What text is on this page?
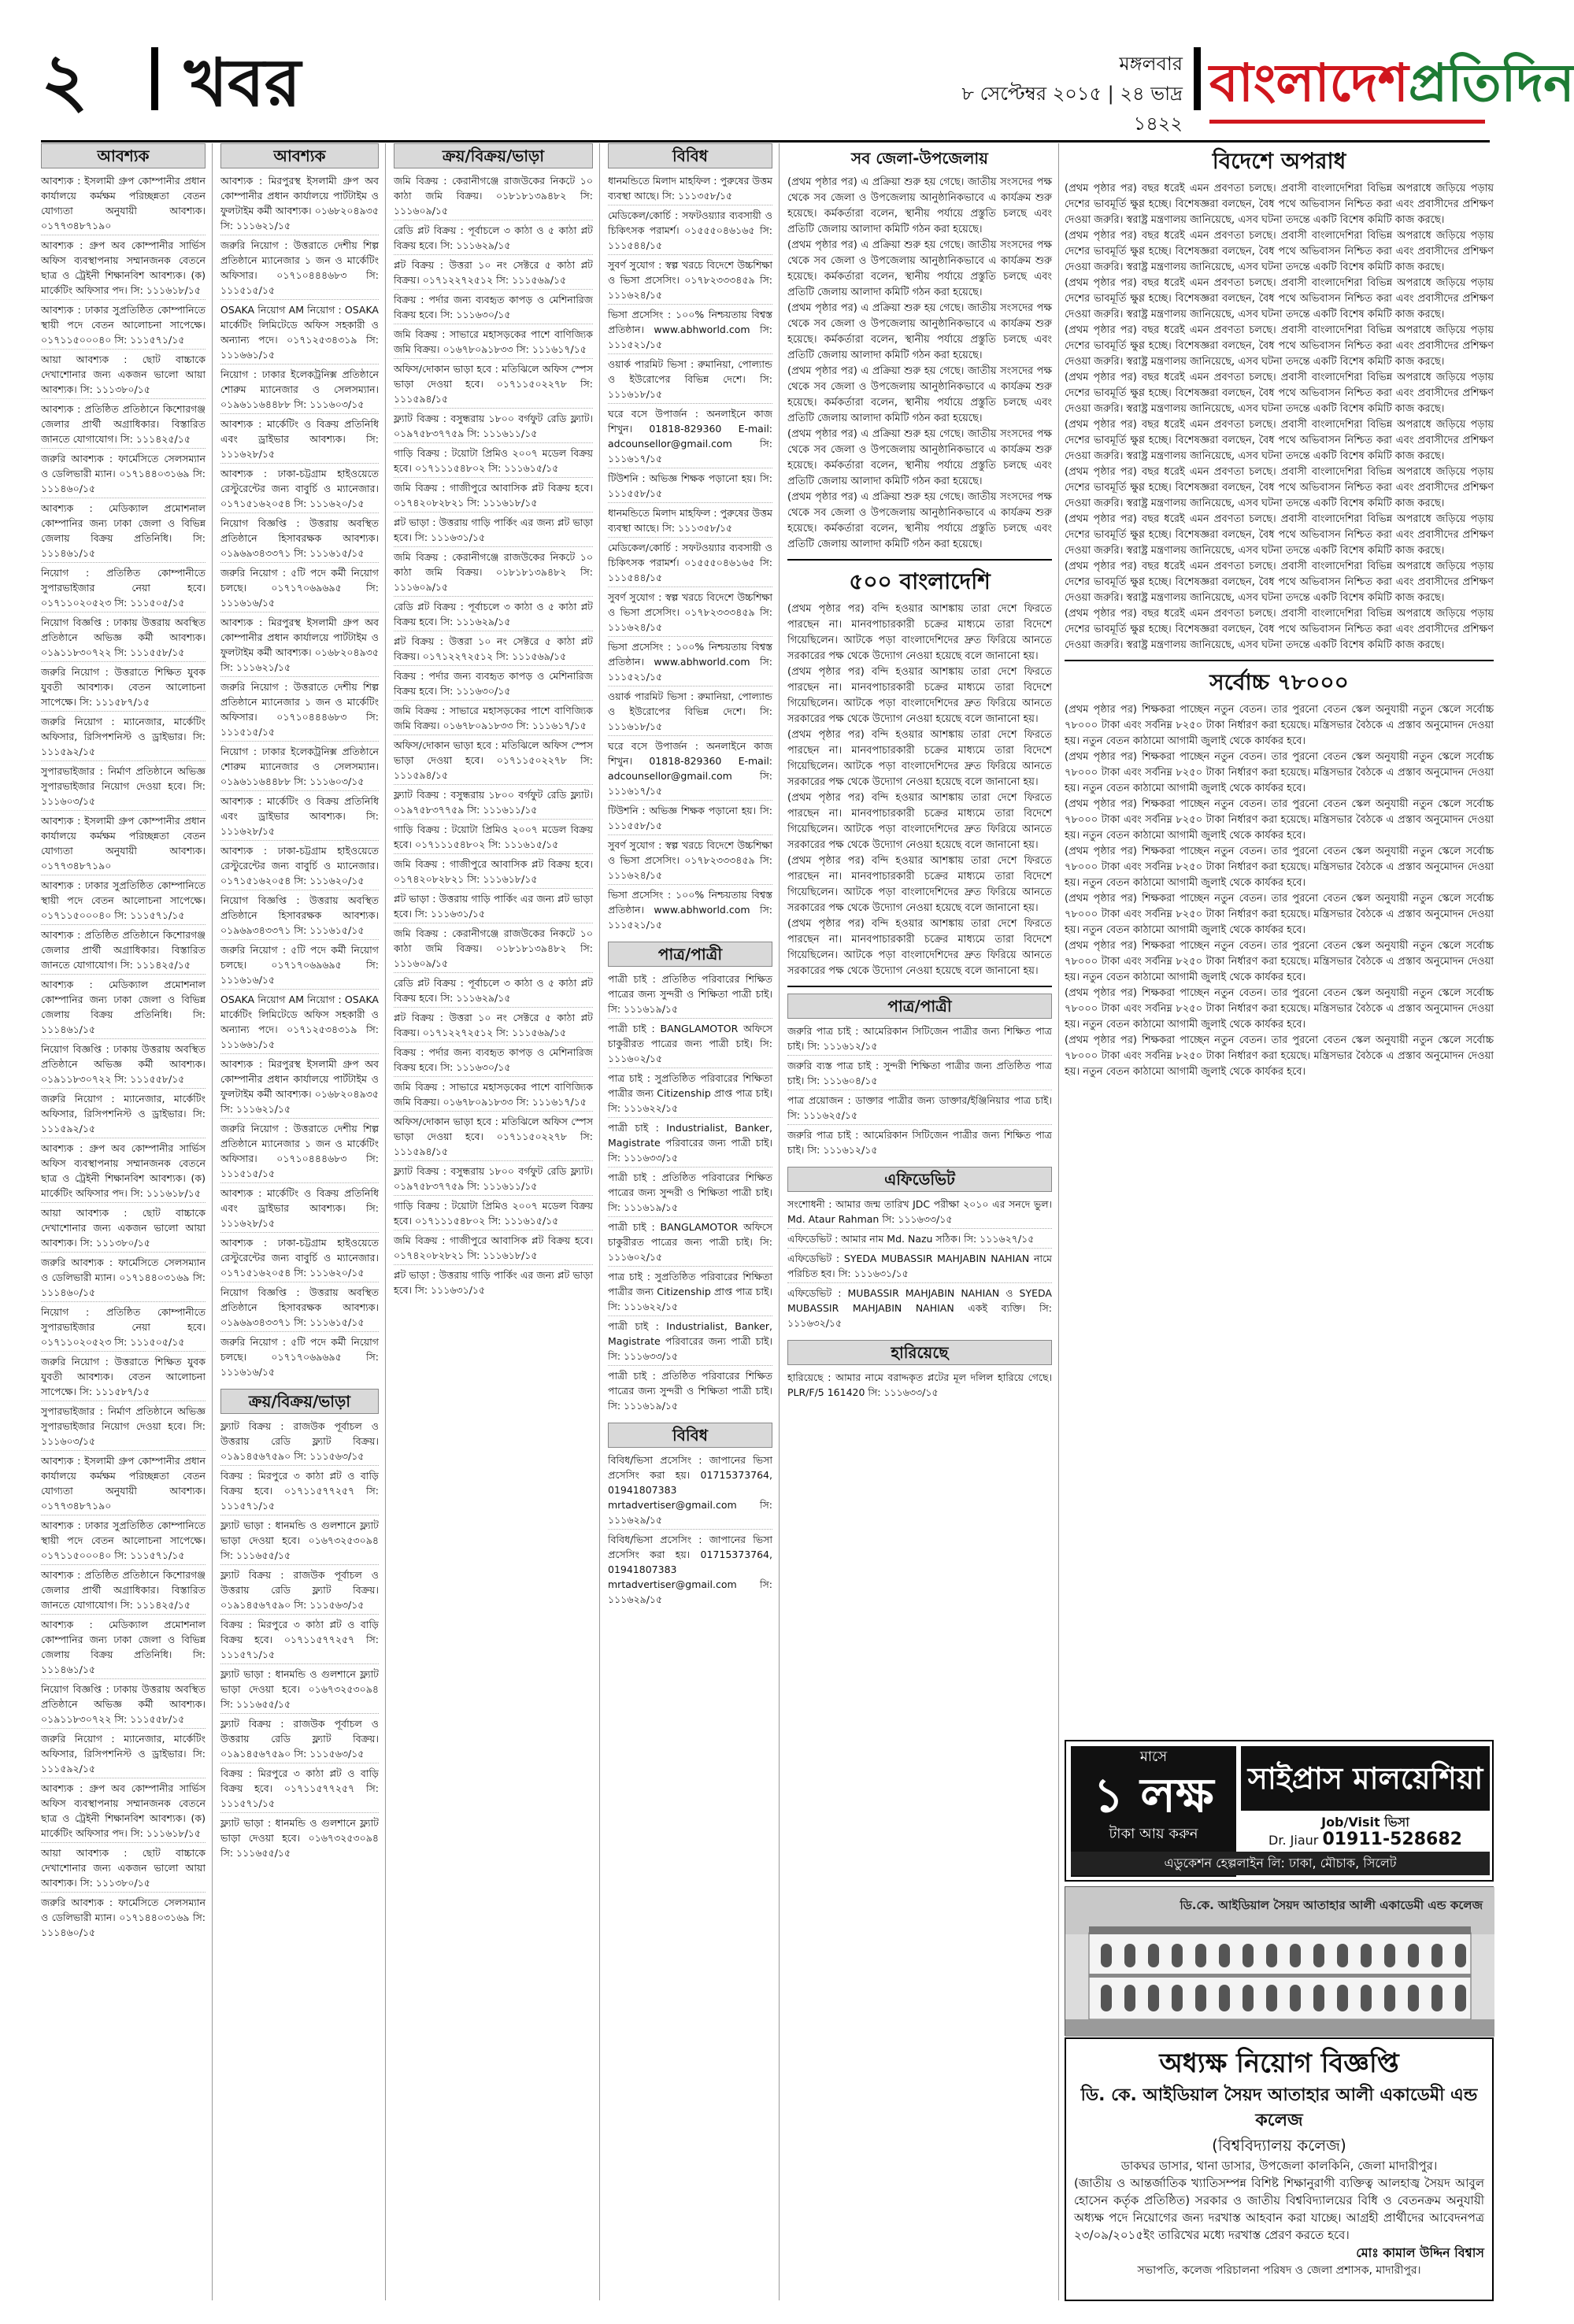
২ খবর	মঙ্গলবার
৮ সেপ্টেম্বর ২০১৫ | ২৪ ভাদ্র ১৪২২
বাংলাদেশপ্রতিদিন
আবশ্যক
আবশ্যক : ইসলামী গ্রুপ কোম্পানীর প্রধান কার্যালয়ে কর্মক্ষম পরিচ্ছন্নতা বেতন যোগ্যতা অনুযায়ী আবশ্যক। ০১৭৭৩৪৮৭১৯০
আবশ্যক : গ্রুপ অব কোম্পানীর সার্ভিস অফিস ব্যবস্থাপনায় সম্মানজনক বেতনে ছাত্র ও ট্রেইনী শিক্ষানবিশ আবশ্যক। (ক) মার্কেটিং অফিসার পদ। সি: ১১১৬১৮/১৫
আবশ্যক : ঢাকার সুপ্রতিষ্ঠিত কোম্পানিতে স্থায়ী পদে বেতন আলোচনা সাপেক্ষে। ০১৭১১৫০০০৪০ সি: ১১১৫৭১/১৫
আয়া আবশ্যক : ছোট বাচ্চাকে দেখাশোনার জন্য একজন ভালো আয়া আবশ্যক। সি: ১১১৩৮০/১৫
আবশ্যক : প্রতিষ্ঠিত প্রতিষ্ঠানে কিশোরগঞ্জ জেলার প্রার্থী অগ্রাধিকার। বিস্তারিত জানতে যোগাযোগ। সি: ১১১৪২৫/১৫
জরুরি আবশ্যক : ফার্মেসিতে সেলসম্যান ও ডেলিভারী ম্যান। ০১৭১৪৪০৩১৬৯ সি: ১১১৪৬০/১৫
আবশ্যক : মেডিক্যাল প্রমোশনাল কোম্পানির জন্য ঢাকা জেলা ও বিভিন্ন জেলায় বিক্রয় প্রতিনিধি। সি: ১১১৪৬১/১৫
নিয়োগ : প্রতিষ্ঠিত কোম্পানীতে সুপারভাইজার নেয়া হবে। ০১৭১১০২০৫২৩ সি: ১১১৫০৫/১৫
নিয়োগ বিজ্ঞপ্তি : ঢাকায় উত্তরায় অবস্থিত প্রতিষ্ঠানে অভিজ্ঞ কর্মী আবশ্যক। ০১৯১১৮৩০৭২২ সি: ১১১৫৫৮/১৫
জরুরি নিয়োগ : উত্তরাতে শিক্ষিত যুবক যুবতী আবশ্যক। বেতন আলোচনা সাপেক্ষে। সি: ১১১৫৮৭/১৫
জরুরি নিয়োগ : ম্যানেজার, মার্কেটিং অফিসার, রিসিপশনিস্ট ও ড্রাইভার। সি: ১১১৫৯২/১৫
সুপারভাইজার : নির্মাণ প্রতিষ্ঠানে অভিজ্ঞ সুপারভাইজার নিয়োগ দেওয়া হবে। সি: ১১১৬০৩/১৫
আবশ্যক : ইসলামী গ্রুপ কোম্পানীর প্রধান কার্যালয়ে কর্মক্ষম পরিচ্ছন্নতা বেতন যোগ্যতা অনুযায়ী আবশ্যক। ০১৭৭৩৪৮৭১৯০
আবশ্যক : ঢাকার সুপ্রতিষ্ঠিত কোম্পানিতে স্থায়ী পদে বেতন আলোচনা সাপেক্ষে। ০১৭১১৫০০০৪০ সি: ১১১৫৭১/১৫
আবশ্যক : প্রতিষ্ঠিত প্রতিষ্ঠানে কিশোরগঞ্জ জেলার প্রার্থী অগ্রাধিকার। বিস্তারিত জানতে যোগাযোগ। সি: ১১১৪২৫/১৫
আবশ্যক : মেডিক্যাল প্রমোশনাল কোম্পানির জন্য ঢাকা জেলা ও বিভিন্ন জেলায় বিক্রয় প্রতিনিধি। সি: ১১১৪৬১/১৫
নিয়োগ বিজ্ঞপ্তি : ঢাকায় উত্তরায় অবস্থিত প্রতিষ্ঠানে অভিজ্ঞ কর্মী আবশ্যক। ০১৯১১৮৩০৭২২ সি: ১১১৫৫৮/১৫
জরুরি নিয়োগ : ম্যানেজার, মার্কেটিং অফিসার, রিসিপশনিস্ট ও ড্রাইভার। সি: ১১১৫৯২/১৫
আবশ্যক : গ্রুপ অব কোম্পানীর সার্ভিস অফিস ব্যবস্থাপনায় সম্মানজনক বেতনে ছাত্র ও ট্রেইনী শিক্ষানবিশ আবশ্যক। (ক) মার্কেটিং অফিসার পদ। সি: ১১১৬১৮/১৫
আয়া আবশ্যক : ছোট বাচ্চাকে দেখাশোনার জন্য একজন ভালো আয়া আবশ্যক। সি: ১১১৩৮০/১৫
জরুরি আবশ্যক : ফার্মেসিতে সেলসম্যান ও ডেলিভারী ম্যান। ০১৭১৪৪০৩১৬৯ সি: ১১১৪৬০/১৫
নিয়োগ : প্রতিষ্ঠিত কোম্পানীতে সুপারভাইজার নেয়া হবে। ০১৭১১০২০৫২৩ সি: ১১১৫০৫/১৫
জরুরি নিয়োগ : উত্তরাতে শিক্ষিত যুবক যুবতী আবশ্যক। বেতন আলোচনা সাপেক্ষে। সি: ১১১৫৮৭/১৫
সুপারভাইজার : নির্মাণ প্রতিষ্ঠানে অভিজ্ঞ সুপারভাইজার নিয়োগ দেওয়া হবে। সি: ১১১৬০৩/১৫
আবশ্যক : ইসলামী গ্রুপ কোম্পানীর প্রধান কার্যালয়ে কর্মক্ষম পরিচ্ছন্নতা বেতন যোগ্যতা অনুযায়ী আবশ্যক। ০১৭৭৩৪৮৭১৯০
আবশ্যক : ঢাকার সুপ্রতিষ্ঠিত কোম্পানিতে স্থায়ী পদে বেতন আলোচনা সাপেক্ষে। ০১৭১১৫০০০৪০ সি: ১১১৫৭১/১৫
আবশ্যক : প্রতিষ্ঠিত প্রতিষ্ঠানে কিশোরগঞ্জ জেলার প্রার্থী অগ্রাধিকার। বিস্তারিত জানতে যোগাযোগ। সি: ১১১৪২৫/১৫
আবশ্যক : মেডিক্যাল প্রমোশনাল কোম্পানির জন্য ঢাকা জেলা ও বিভিন্ন জেলায় বিক্রয় প্রতিনিধি। সি: ১১১৪৬১/১৫
নিয়োগ বিজ্ঞপ্তি : ঢাকায় উত্তরায় অবস্থিত প্রতিষ্ঠানে অভিজ্ঞ কর্মী আবশ্যক। ০১৯১১৮৩০৭২২ সি: ১১১৫৫৮/১৫
জরুরি নিয়োগ : ম্যানেজার, মার্কেটিং অফিসার, রিসিপশনিস্ট ও ড্রাইভার। সি: ১১১৫৯২/১৫
আবশ্যক : গ্রুপ অব কোম্পানীর সার্ভিস অফিস ব্যবস্থাপনায় সম্মানজনক বেতনে ছাত্র ও ট্রেইনী শিক্ষানবিশ আবশ্যক। (ক) মার্কেটিং অফিসার পদ। সি: ১১১৬১৮/১৫
আয়া আবশ্যক : ছোট বাচ্চাকে দেখাশোনার জন্য একজন ভালো আয়া আবশ্যক। সি: ১১১৩৮০/১৫
জরুরি আবশ্যক : ফার্মেসিতে সেলসম্যান ও ডেলিভারী ম্যান। ০১৭১৪৪০৩১৬৯ সি: ১১১৪৬০/১৫
আবশ্যক
আবশ্যক : মিরপুরস্থ ইসলামী গ্রুপ অব কোম্পানীর প্রধান কার্যালয়ে পার্টটাইম ও ফুলটাইম কর্মী আবশ্যক। ০১৬৮২০৪৯৩৫ সি: ১১১৬২১/১৫
জরুরি নিয়োগ : উত্তরাতে দেশীয় শিল্প প্রতিষ্ঠানে ম্যানেজার ১ জন ও মার্কেটিং অফিসার। ০১৭১০৪৪৪৬৮৩ সি: ১১১৫১৫/১৫
OSAKA নিয়োগ AM নিয়োগ : OSAKA মার্কেটিং লিমিটেডে অফিস সহকারী ও অন্যান্য পদে। ০১৭১২৫৩৪৩১৯ সি: ১১১৬৬১/১৫
নিয়োগ : ঢাকার ইলেকট্রনিক্স প্রতিষ্ঠানে শোরুম ম্যানেজার ও সেলসম্যান। ০১৯৬১১৬৪৪৮৮ সি: ১১১৬০৩/১৫
আবশ্যক : মার্কেটিং ও বিক্রয় প্রতিনিধি এবং ড্রাইভার আবশ্যক। সি: ১১১৬২৮/১৫
আবশ্যক : ঢাকা-চট্টগ্রাম হাইওয়েতে রেস্টুরেন্টের জন্য বাবুর্চি ও ম্যানেজার। ০১৭১৫১৬২০৫৪ সি: ১১১৬২০/১৫
নিয়োগ বিজ্ঞপ্তি : উত্তরায় অবস্থিত প্রতিষ্ঠানে হিসাবরক্ষক আবশ্যক। ০১৯৬৯৩৪৩৩৭১ সি: ১১১৬১৫/১৫
জরুরি নিয়োগ : ৫টি পদে কর্মী নিয়োগ চলছে। ০১৭১৭০৬৯৬৯৫ সি: ১১১৬১৬/১৫
আবশ্যক : মিরপুরস্থ ইসলামী গ্রুপ অব কোম্পানীর প্রধান কার্যালয়ে পার্টটাইম ও ফুলটাইম কর্মী আবশ্যক। ০১৬৮২০৪৯৩৫ সি: ১১১৬২১/১৫
জরুরি নিয়োগ : উত্তরাতে দেশীয় শিল্প প্রতিষ্ঠানে ম্যানেজার ১ জন ও মার্কেটিং অফিসার। ০১৭১০৪৪৪৬৮৩ সি: ১১১৫১৫/১৫
নিয়োগ : ঢাকার ইলেকট্রনিক্স প্রতিষ্ঠানে শোরুম ম্যানেজার ও সেলসম্যান। ০১৯৬১১৬৪৪৮৮ সি: ১১১৬০৩/১৫
আবশ্যক : মার্কেটিং ও বিক্রয় প্রতিনিধি এবং ড্রাইভার আবশ্যক। সি: ১১১৬২৮/১৫
আবশ্যক : ঢাকা-চট্টগ্রাম হাইওয়েতে রেস্টুরেন্টের জন্য বাবুর্চি ও ম্যানেজার। ০১৭১৫১৬২০৫৪ সি: ১১১৬২০/১৫
নিয়োগ বিজ্ঞপ্তি : উত্তরায় অবস্থিত প্রতিষ্ঠানে হিসাবরক্ষক আবশ্যক। ০১৯৬৯৩৪৩৩৭১ সি: ১১১৬১৫/১৫
জরুরি নিয়োগ : ৫টি পদে কর্মী নিয়োগ চলছে। ০১৭১৭০৬৯৬৯৫ সি: ১১১৬১৬/১৫
OSAKA নিয়োগ AM নিয়োগ : OSAKA মার্কেটিং লিমিটেডে অফিস সহকারী ও অন্যান্য পদে। ০১৭১২৫৩৪৩১৯ সি: ১১১৬৬১/১৫
আবশ্যক : মিরপুরস্থ ইসলামী গ্রুপ অব কোম্পানীর প্রধান কার্যালয়ে পার্টটাইম ও ফুলটাইম কর্মী আবশ্যক। ০১৬৮২০৪৯৩৫ সি: ১১১৬২১/১৫
জরুরি নিয়োগ : উত্তরাতে দেশীয় শিল্প প্রতিষ্ঠানে ম্যানেজার ১ জন ও মার্কেটিং অফিসার। ০১৭১০৪৪৪৬৮৩ সি: ১১১৫১৫/১৫
আবশ্যক : মার্কেটিং ও বিক্রয় প্রতিনিধি এবং ড্রাইভার আবশ্যক। সি: ১১১৬২৮/১৫
আবশ্যক : ঢাকা-চট্টগ্রাম হাইওয়েতে রেস্টুরেন্টের জন্য বাবুর্চি ও ম্যানেজার। ০১৭১৫১৬২০৫৪ সি: ১১১৬২০/১৫
নিয়োগ বিজ্ঞপ্তি : উত্তরায় অবস্থিত প্রতিষ্ঠানে হিসাবরক্ষক আবশ্যক। ০১৯৬৯৩৪৩৩৭১ সি: ১১১৬১৫/১৫
জরুরি নিয়োগ : ৫টি পদে কর্মী নিয়োগ চলছে। ০১৭১৭০৬৯৬৯৫ সি: ১১১৬১৬/১৫
ক্রয়/বিক্রয়/ভাড়া
ফ্ল্যাট বিক্রয় : রাজউক পূর্বাচল ও উত্তরায় রেডি ফ্ল্যাট বিক্রয়। ০১৯১৪৫৬৭৫৯০ সি: ১১১৫৬৩/১৫
বিক্রয় : মিরপুরে ৩ কাঠা প্লট ও বাড়ি বিক্রয় হবে। ০১৭১১৫৭৭২৫৭ সি: ১১১৫৭১/১৫
ফ্ল্যাট ভাড়া : ধানমন্ডি ও গুলশানে ফ্ল্যাট ভাড়া দেওয়া হবে। ০১৬৭৩২৫৩০৯৪ সি: ১১১৬৫৫/১৫
ফ্ল্যাট বিক্রয় : রাজউক পূর্বাচল ও উত্তরায় রেডি ফ্ল্যাট বিক্রয়। ০১৯১৪৫৬৭৫৯০ সি: ১১১৫৬৩/১৫
বিক্রয় : মিরপুরে ৩ কাঠা প্লট ও বাড়ি বিক্রয় হবে। ০১৭১১৫৭৭২৫৭ সি: ১১১৫৭১/১৫
ফ্ল্যাট ভাড়া : ধানমন্ডি ও গুলশানে ফ্ল্যাট ভাড়া দেওয়া হবে। ০১৬৭৩২৫৩০৯৪ সি: ১১১৬৫৫/১৫
ফ্ল্যাট বিক্রয় : রাজউক পূর্বাচল ও উত্তরায় রেডি ফ্ল্যাট বিক্রয়। ০১৯১৪৫৬৭৫৯০ সি: ১১১৫৬৩/১৫
বিক্রয় : মিরপুরে ৩ কাঠা প্লট ও বাড়ি বিক্রয় হবে। ০১৭১১৫৭৭২৫৭ সি: ১১১৫৭১/১৫
ফ্ল্যাট ভাড়া : ধানমন্ডি ও গুলশানে ফ্ল্যাট ভাড়া দেওয়া হবে। ০১৬৭৩২৫৩০৯৪ সি: ১১১৬৫৫/১৫
ক্রয়/বিক্রয়/ভাড়া
জমি বিক্রয় : কেরানীগঞ্জে রাজউকের নিকটে ১০ কাঠা জমি বিক্রয়। ০১৮১৮১৩৯৪৮২ সি: ১১১৬০৯/১৫
রেডি প্লট বিক্রয় : পূর্বাচলে ৩ কাঠা ও ৫ কাঠা প্লট বিক্রয় হবে। সি: ১১১৬২৯/১৫
প্লট বিক্রয় : উত্তরা ১০ নং সেক্টরে ৫ কাঠা প্লট বিক্রয়। ০১৭১২২৭২৫১২ সি: ১১১৫৬৯/১৫
বিক্রয় : পর্দার জন্য ব্যবহৃত কাপড় ও মেশিনারিজ বিক্রয় হবে। সি: ১১১৬৩০/১৫
জমি বিক্রয় : সাভারে মহাসড়কের পাশে বাণিজ্যিক জমি বিক্রয়। ০১৬৭৮০৯১৮৩৩ সি: ১১১৬১৭/১৫
অফিস/দোকান ভাড়া হবে : মতিঝিলে অফিস স্পেস ভাড়া দেওয়া হবে। ০১৭১১৫০২২৭৮ সি: ১১১৫৯৪/১৫
ফ্ল্যাট বিক্রয় : বসুন্ধরায় ১৮০০ বর্গফুট রেডি ফ্ল্যাট। ০১৯৭৫৮৩৭৭৫৯ সি: ১১১৬১১/১৫
গাড়ি বিক্রয় : টয়োটা প্রিমিও ২০০৭ মডেল বিক্রয় হবে। ০১৭১১১৫৪৮০২ সি: ১১১৬১৫/১৫
জমি বিক্রয় : গাজীপুরে আবাসিক প্লট বিক্রয় হবে। ০১৭৪২০৮২৮২১ সি: ১১১৬১৮/১৫
প্লট ভাড়া : উত্তরায় গাড়ি পার্কিং এর জন্য প্লট ভাড়া হবে। সি: ১১১৬৩১/১৫
জমি বিক্রয় : কেরানীগঞ্জে রাজউকের নিকটে ১০ কাঠা জমি বিক্রয়। ০১৮১৮১৩৯৪৮২ সি: ১১১৬০৯/১৫
রেডি প্লট বিক্রয় : পূর্বাচলে ৩ কাঠা ও ৫ কাঠা প্লট বিক্রয় হবে। সি: ১১১৬২৯/১৫
প্লট বিক্রয় : উত্তরা ১০ নং সেক্টরে ৫ কাঠা প্লট বিক্রয়। ০১৭১২২৭২৫১২ সি: ১১১৫৬৯/১৫
বিক্রয় : পর্দার জন্য ব্যবহৃত কাপড় ও মেশিনারিজ বিক্রয় হবে। সি: ১১১৬৩০/১৫
জমি বিক্রয় : সাভারে মহাসড়কের পাশে বাণিজ্যিক জমি বিক্রয়। ০১৬৭৮০৯১৮৩৩ সি: ১১১৬১৭/১৫
অফিস/দোকান ভাড়া হবে : মতিঝিলে অফিস স্পেস ভাড়া দেওয়া হবে। ০১৭১১৫০২২৭৮ সি: ১১১৫৯৪/১৫
ফ্ল্যাট বিক্রয় : বসুন্ধরায় ১৮০০ বর্গফুট রেডি ফ্ল্যাট। ০১৯৭৫৮৩৭৭৫৯ সি: ১১১৬১১/১৫
গাড়ি বিক্রয় : টয়োটা প্রিমিও ২০০৭ মডেল বিক্রয় হবে। ০১৭১১১৫৪৮০২ সি: ১১১৬১৫/১৫
জমি বিক্রয় : গাজীপুরে আবাসিক প্লট বিক্রয় হবে। ০১৭৪২০৮২৮২১ সি: ১১১৬১৮/১৫
প্লট ভাড়া : উত্তরায় গাড়ি পার্কিং এর জন্য প্লট ভাড়া হবে। সি: ১১১৬৩১/১৫
জমি বিক্রয় : কেরানীগঞ্জে রাজউকের নিকটে ১০ কাঠা জমি বিক্রয়। ০১৮১৮১৩৯৪৮২ সি: ১১১৬০৯/১৫
রেডি প্লট বিক্রয় : পূর্বাচলে ৩ কাঠা ও ৫ কাঠা প্লট বিক্রয় হবে। সি: ১১১৬২৯/১৫
প্লট বিক্রয় : উত্তরা ১০ নং সেক্টরে ৫ কাঠা প্লট বিক্রয়। ০১৭১২২৭২৫১২ সি: ১১১৫৬৯/১৫
বিক্রয় : পর্দার জন্য ব্যবহৃত কাপড় ও মেশিনারিজ বিক্রয় হবে। সি: ১১১৬৩০/১৫
জমি বিক্রয় : সাভারে মহাসড়কের পাশে বাণিজ্যিক জমি বিক্রয়। ০১৬৭৮০৯১৮৩৩ সি: ১১১৬১৭/১৫
অফিস/দোকান ভাড়া হবে : মতিঝিলে অফিস স্পেস ভাড়া দেওয়া হবে। ০১৭১১৫০২২৭৮ সি: ১১১৫৯৪/১৫
ফ্ল্যাট বিক্রয় : বসুন্ধরায় ১৮০০ বর্গফুট রেডি ফ্ল্যাট। ০১৯৭৫৮৩৭৭৫৯ সি: ১১১৬১১/১৫
গাড়ি বিক্রয় : টয়োটা প্রিমিও ২০০৭ মডেল বিক্রয় হবে। ০১৭১১১৫৪৮০২ সি: ১১১৬১৫/১৫
জমি বিক্রয় : গাজীপুরে আবাসিক প্লট বিক্রয় হবে। ০১৭৪২০৮২৮২১ সি: ১১১৬১৮/১৫
প্লট ভাড়া : উত্তরায় গাড়ি পার্কিং এর জন্য প্লট ভাড়া হবে। সি: ১১১৬৩১/১৫
বিবিধ
ধানমন্ডিতে মিলাদ মাহফিল : পুরুষের উত্তম ব্যবস্থা আছে। সি: ১১১৩৫৮/১৫
মেডিকেল/কোর্চি : সফটওয়্যার ব্যবসায়ী ও চিকিৎসক পরামর্শ। ০১৫৫৫০৪৬১৬৫ সি: ১১১৫৪৪/১৫
সুবর্ণ সুযোগ : স্বল্প খরচে বিদেশে উচ্চশিক্ষা ও ভিসা প্রসেসিং। ০১৭৮২৩৩৩৪৫৯ সি: ১১১৬২৪/১৫
ভিসা প্রসেসিং : ১০০% নিশ্চয়তায় বিশ্বস্ত প্রতিষ্ঠান। www.abhworld.com সি: ১১১৫২১/১৫
ওয়ার্ক পারমিট ভিসা : রুমানিয়া, পোল্যান্ড ও ইউরোপের বিভিন্ন দেশে। সি: ১১১৬১৮/১৫
ঘরে বসে উপার্জন : অনলাইনে কাজ শিখুন। 01818-829360 E-mail: adcounsellor@gmail.com সি: ১১১৬১৭/১৫
টিউশনি : অভিজ্ঞ শিক্ষক পড়ানো হয়। সি: ১১১৫৫৮/১৫
ধানমন্ডিতে মিলাদ মাহফিল : পুরুষের উত্তম ব্যবস্থা আছে। সি: ১১১৩৫৮/১৫
মেডিকেল/কোর্চি : সফটওয়্যার ব্যবসায়ী ও চিকিৎসক পরামর্শ। ০১৫৫৫০৪৬১৬৫ সি: ১১১৫৪৪/১৫
সুবর্ণ সুযোগ : স্বল্প খরচে বিদেশে উচ্চশিক্ষা ও ভিসা প্রসেসিং। ০১৭৮২৩৩৩৪৫৯ সি: ১১১৬২৪/১৫
ভিসা প্রসেসিং : ১০০% নিশ্চয়তায় বিশ্বস্ত প্রতিষ্ঠান। www.abhworld.com সি: ১১১৫২১/১৫
ওয়ার্ক পারমিট ভিসা : রুমানিয়া, পোল্যান্ড ও ইউরোপের বিভিন্ন দেশে। সি: ১১১৬১৮/১৫
ঘরে বসে উপার্জন : অনলাইনে কাজ শিখুন। 01818-829360 E-mail: adcounsellor@gmail.com সি: ১১১৬১৭/১৫
টিউশনি : অভিজ্ঞ শিক্ষক পড়ানো হয়। সি: ১১১৫৫৮/১৫
সুবর্ণ সুযোগ : স্বল্প খরচে বিদেশে উচ্চশিক্ষা ও ভিসা প্রসেসিং। ০১৭৮২৩৩৩৪৫৯ সি: ১১১৬২৪/১৫
ভিসা প্রসেসিং : ১০০% নিশ্চয়তায় বিশ্বস্ত প্রতিষ্ঠান। www.abhworld.com সি: ১১১৫২১/১৫
পাত্র/পাত্রী
পাত্রী চাই : প্রতিষ্ঠিত পরিবারের শিক্ষিত পাত্রের জন্য সুন্দরী ও শিক্ষিতা পাত্রী চাই। সি: ১১১৬১৯/১৫
পাত্রী চাই : BANGLAMOTOR অফিসে চাকুরীরত পাত্রের জন্য পাত্রী চাই। সি: ১১১৬০২/১৫
পাত্র চাই : সুপ্রতিষ্ঠিত পরিবারের শিক্ষিতা পাত্রীর জন্য Citizenship প্রাপ্ত পাত্র চাই। সি: ১১১৬২২/১৫
পাত্রী চাই : Industrialist, Banker, Magistrate পরিবারের জন্য পাত্রী চাই। সি: ১১১৬৩৩/১৫
পাত্রী চাই : প্রতিষ্ঠিত পরিবারের শিক্ষিত পাত্রের জন্য সুন্দরী ও শিক্ষিতা পাত্রী চাই। সি: ১১১৬১৯/১৫
পাত্রী চাই : BANGLAMOTOR অফিসে চাকুরীরত পাত্রের জন্য পাত্রী চাই। সি: ১১১৬০২/১৫
পাত্র চাই : সুপ্রতিষ্ঠিত পরিবারের শিক্ষিতা পাত্রীর জন্য Citizenship প্রাপ্ত পাত্র চাই। সি: ১১১৬২২/১৫
পাত্রী চাই : Industrialist, Banker, Magistrate পরিবারের জন্য পাত্রী চাই। সি: ১১১৬৩৩/১৫
পাত্রী চাই : প্রতিষ্ঠিত পরিবারের শিক্ষিত পাত্রের জন্য সুন্দরী ও শিক্ষিতা পাত্রী চাই। সি: ১১১৬১৯/১৫
বিবিধ
বিবিধ/ভিসা প্রসেসিং : জাপানের ভিসা প্রসেসিং করা হয়। 01715373764, 01941807383 mrtadvertiser@gmail.com সি: ১১১৬২৯/১৫
বিবিধ/ভিসা প্রসেসিং : জাপানের ভিসা প্রসেসিং করা হয়। 01715373764, 01941807383 mrtadvertiser@gmail.com সি: ১১১৬২৯/১৫
সব জেলা-উপজেলায়
(প্রথম পৃষ্ঠার পর) এ প্রক্রিয়া শুরু হয় গেছে। জাতীয় সংসদের পক্ষ থেকে সব জেলা ও উপজেলায় আনুষ্ঠানিকভাবে এ কার্যক্রম শুরু হয়েছে। কর্মকর্তারা বলেন, স্থানীয় পর্যায়ে প্রস্তুতি চলছে এবং প্রতিটি জেলায় আলাদা কমিটি গঠন করা হয়েছে।
(প্রথম পৃষ্ঠার পর) এ প্রক্রিয়া শুরু হয় গেছে। জাতীয় সংসদের পক্ষ থেকে সব জেলা ও উপজেলায় আনুষ্ঠানিকভাবে এ কার্যক্রম শুরু হয়েছে। কর্মকর্তারা বলেন, স্থানীয় পর্যায়ে প্রস্তুতি চলছে এবং প্রতিটি জেলায় আলাদা কমিটি গঠন করা হয়েছে।
(প্রথম পৃষ্ঠার পর) এ প্রক্রিয়া শুরু হয় গেছে। জাতীয় সংসদের পক্ষ থেকে সব জেলা ও উপজেলায় আনুষ্ঠানিকভাবে এ কার্যক্রম শুরু হয়েছে। কর্মকর্তারা বলেন, স্থানীয় পর্যায়ে প্রস্তুতি চলছে এবং প্রতিটি জেলায় আলাদা কমিটি গঠন করা হয়েছে।
(প্রথম পৃষ্ঠার পর) এ প্রক্রিয়া শুরু হয় গেছে। জাতীয় সংসদের পক্ষ থেকে সব জেলা ও উপজেলায় আনুষ্ঠানিকভাবে এ কার্যক্রম শুরু হয়েছে। কর্মকর্তারা বলেন, স্থানীয় পর্যায়ে প্রস্তুতি চলছে এবং প্রতিটি জেলায় আলাদা কমিটি গঠন করা হয়েছে।
(প্রথম পৃষ্ঠার পর) এ প্রক্রিয়া শুরু হয় গেছে। জাতীয় সংসদের পক্ষ থেকে সব জেলা ও উপজেলায় আনুষ্ঠানিকভাবে এ কার্যক্রম শুরু হয়েছে। কর্মকর্তারা বলেন, স্থানীয় পর্যায়ে প্রস্তুতি চলছে এবং প্রতিটি জেলায় আলাদা কমিটি গঠন করা হয়েছে।
(প্রথম পৃষ্ঠার পর) এ প্রক্রিয়া শুরু হয় গেছে। জাতীয় সংসদের পক্ষ থেকে সব জেলা ও উপজেলায় আনুষ্ঠানিকভাবে এ কার্যক্রম শুরু হয়েছে। কর্মকর্তারা বলেন, স্থানীয় পর্যায়ে প্রস্তুতি চলছে এবং প্রতিটি জেলায় আলাদা কমিটি গঠন করা হয়েছে।
৫০০ বাংলাদেশি
(প্রথম পৃষ্ঠার পর) বন্দি হওয়ার আশঙ্কায় তারা দেশে ফিরতে পারছেন না। মানবপাচারকারী চক্রের মাধ্যমে তারা বিদেশে গিয়েছিলেন। আটকে পড়া বাংলাদেশিদের দ্রুত ফিরিয়ে আনতে সরকারের পক্ষ থেকে উদ্যোগ নেওয়া হয়েছে বলে জানানো হয়।
(প্রথম পৃষ্ঠার পর) বন্দি হওয়ার আশঙ্কায় তারা দেশে ফিরতে পারছেন না। মানবপাচারকারী চক্রের মাধ্যমে তারা বিদেশে গিয়েছিলেন। আটকে পড়া বাংলাদেশিদের দ্রুত ফিরিয়ে আনতে সরকারের পক্ষ থেকে উদ্যোগ নেওয়া হয়েছে বলে জানানো হয়।
(প্রথম পৃষ্ঠার পর) বন্দি হওয়ার আশঙ্কায় তারা দেশে ফিরতে পারছেন না। মানবপাচারকারী চক্রের মাধ্যমে তারা বিদেশে গিয়েছিলেন। আটকে পড়া বাংলাদেশিদের দ্রুত ফিরিয়ে আনতে সরকারের পক্ষ থেকে উদ্যোগ নেওয়া হয়েছে বলে জানানো হয়।
(প্রথম পৃষ্ঠার পর) বন্দি হওয়ার আশঙ্কায় তারা দেশে ফিরতে পারছেন না। মানবপাচারকারী চক্রের মাধ্যমে তারা বিদেশে গিয়েছিলেন। আটকে পড়া বাংলাদেশিদের দ্রুত ফিরিয়ে আনতে সরকারের পক্ষ থেকে উদ্যোগ নেওয়া হয়েছে বলে জানানো হয়।
(প্রথম পৃষ্ঠার পর) বন্দি হওয়ার আশঙ্কায় তারা দেশে ফিরতে পারছেন না। মানবপাচারকারী চক্রের মাধ্যমে তারা বিদেশে গিয়েছিলেন। আটকে পড়া বাংলাদেশিদের দ্রুত ফিরিয়ে আনতে সরকারের পক্ষ থেকে উদ্যোগ নেওয়া হয়েছে বলে জানানো হয়।
(প্রথম পৃষ্ঠার পর) বন্দি হওয়ার আশঙ্কায় তারা দেশে ফিরতে পারছেন না। মানবপাচারকারী চক্রের মাধ্যমে তারা বিদেশে গিয়েছিলেন। আটকে পড়া বাংলাদেশিদের দ্রুত ফিরিয়ে আনতে সরকারের পক্ষ থেকে উদ্যোগ নেওয়া হয়েছে বলে জানানো হয়।
পাত্র/পাত্রী
জরুরি পাত্র চাই : আমেরিকান সিটিজেন পাত্রীর জন্য শিক্ষিত পাত্র চাই। সি: ১১১৬১২/১৫
জরুরি ব্যস্ত পাত্র চাই : সুন্দরী শিক্ষিতা পাত্রীর জন্য প্রতিষ্ঠিত পাত্র চাই। সি: ১১১৬০৪/১৫
পাত্র প্রয়োজন : ডাক্তার পাত্রীর জন্য ডাক্তার/ইঞ্জিনিয়ার পাত্র চাই। সি: ১১১৬২৫/১৫
জরুরি পাত্র চাই : আমেরিকান সিটিজেন পাত্রীর জন্য শিক্ষিত পাত্র চাই। সি: ১১১৬১২/১৫
এফিডেভিট
সংশোধনী : আমার জন্ম তারিখ JDC পরীক্ষা ২০১০ এর সনদে ভুল। Md. Ataur Rahman সি: ১১১৬৩৩/১৫
এফিডেভিট : আমার নাম Md. Nazu সঠিক। সি: ১১১৬২৭/১৫
এফিডেভিট : SYEDA MUBASSIR MAHJABIN NAHIAN নামে পরিচিত হব। সি: ১১১৬৩১/১৫
এফিডেভিট : MUBASSIR MAHJABIN NAHIAN ও SYEDA MUBASSIR MAHJABIN NAHIAN একই ব্যক্তি। সি: ১১১৬৩২/১৫
হারিয়েছে
হারিয়েছে : আমার নামে বরাদ্দকৃত প্লটের মূল দলিল হারিয়ে গেছে। PLR/F/5 161420 সি: ১১১৬৩৩/১৫
বিদেশে অপরাধ
(প্রথম পৃষ্ঠার পর) বছর ধরেই এমন প্রবণতা চলছে। প্রবাসী বাংলাদেশিরা বিভিন্ন অপরাধে জড়িয়ে পড়ায় দেশের ভাবমূর্তি ক্ষুণ্ণ হচ্ছে। বিশেষজ্ঞরা বলছেন, বৈধ পথে অভিবাসন নিশ্চিত করা এবং প্রবাসীদের প্রশিক্ষণ দেওয়া জরুরি। স্বরাষ্ট্র মন্ত্রণালয় জানিয়েছে, এসব ঘটনা তদন্তে একটি বিশেষ কমিটি কাজ করছে।
(প্রথম পৃষ্ঠার পর) বছর ধরেই এমন প্রবণতা চলছে। প্রবাসী বাংলাদেশিরা বিভিন্ন অপরাধে জড়িয়ে পড়ায় দেশের ভাবমূর্তি ক্ষুণ্ণ হচ্ছে। বিশেষজ্ঞরা বলছেন, বৈধ পথে অভিবাসন নিশ্চিত করা এবং প্রবাসীদের প্রশিক্ষণ দেওয়া জরুরি। স্বরাষ্ট্র মন্ত্রণালয় জানিয়েছে, এসব ঘটনা তদন্তে একটি বিশেষ কমিটি কাজ করছে।
(প্রথম পৃষ্ঠার পর) বছর ধরেই এমন প্রবণতা চলছে। প্রবাসী বাংলাদেশিরা বিভিন্ন অপরাধে জড়িয়ে পড়ায় দেশের ভাবমূর্তি ক্ষুণ্ণ হচ্ছে। বিশেষজ্ঞরা বলছেন, বৈধ পথে অভিবাসন নিশ্চিত করা এবং প্রবাসীদের প্রশিক্ষণ দেওয়া জরুরি। স্বরাষ্ট্র মন্ত্রণালয় জানিয়েছে, এসব ঘটনা তদন্তে একটি বিশেষ কমিটি কাজ করছে।
(প্রথম পৃষ্ঠার পর) বছর ধরেই এমন প্রবণতা চলছে। প্রবাসী বাংলাদেশিরা বিভিন্ন অপরাধে জড়িয়ে পড়ায় দেশের ভাবমূর্তি ক্ষুণ্ণ হচ্ছে। বিশেষজ্ঞরা বলছেন, বৈধ পথে অভিবাসন নিশ্চিত করা এবং প্রবাসীদের প্রশিক্ষণ দেওয়া জরুরি। স্বরাষ্ট্র মন্ত্রণালয় জানিয়েছে, এসব ঘটনা তদন্তে একটি বিশেষ কমিটি কাজ করছে।
(প্রথম পৃষ্ঠার পর) বছর ধরেই এমন প্রবণতা চলছে। প্রবাসী বাংলাদেশিরা বিভিন্ন অপরাধে জড়িয়ে পড়ায় দেশের ভাবমূর্তি ক্ষুণ্ণ হচ্ছে। বিশেষজ্ঞরা বলছেন, বৈধ পথে অভিবাসন নিশ্চিত করা এবং প্রবাসীদের প্রশিক্ষণ দেওয়া জরুরি। স্বরাষ্ট্র মন্ত্রণালয় জানিয়েছে, এসব ঘটনা তদন্তে একটি বিশেষ কমিটি কাজ করছে।
(প্রথম পৃষ্ঠার পর) বছর ধরেই এমন প্রবণতা চলছে। প্রবাসী বাংলাদেশিরা বিভিন্ন অপরাধে জড়িয়ে পড়ায় দেশের ভাবমূর্তি ক্ষুণ্ণ হচ্ছে। বিশেষজ্ঞরা বলছেন, বৈধ পথে অভিবাসন নিশ্চিত করা এবং প্রবাসীদের প্রশিক্ষণ দেওয়া জরুরি। স্বরাষ্ট্র মন্ত্রণালয় জানিয়েছে, এসব ঘটনা তদন্তে একটি বিশেষ কমিটি কাজ করছে।
(প্রথম পৃষ্ঠার পর) বছর ধরেই এমন প্রবণতা চলছে। প্রবাসী বাংলাদেশিরা বিভিন্ন অপরাধে জড়িয়ে পড়ায় দেশের ভাবমূর্তি ক্ষুণ্ণ হচ্ছে। বিশেষজ্ঞরা বলছেন, বৈধ পথে অভিবাসন নিশ্চিত করা এবং প্রবাসীদের প্রশিক্ষণ দেওয়া জরুরি। স্বরাষ্ট্র মন্ত্রণালয় জানিয়েছে, এসব ঘটনা তদন্তে একটি বিশেষ কমিটি কাজ করছে।
(প্রথম পৃষ্ঠার পর) বছর ধরেই এমন প্রবণতা চলছে। প্রবাসী বাংলাদেশিরা বিভিন্ন অপরাধে জড়িয়ে পড়ায় দেশের ভাবমূর্তি ক্ষুণ্ণ হচ্ছে। বিশেষজ্ঞরা বলছেন, বৈধ পথে অভিবাসন নিশ্চিত করা এবং প্রবাসীদের প্রশিক্ষণ দেওয়া জরুরি। স্বরাষ্ট্র মন্ত্রণালয় জানিয়েছে, এসব ঘটনা তদন্তে একটি বিশেষ কমিটি কাজ করছে।
(প্রথম পৃষ্ঠার পর) বছর ধরেই এমন প্রবণতা চলছে। প্রবাসী বাংলাদেশিরা বিভিন্ন অপরাধে জড়িয়ে পড়ায় দেশের ভাবমূর্তি ক্ষুণ্ণ হচ্ছে। বিশেষজ্ঞরা বলছেন, বৈধ পথে অভিবাসন নিশ্চিত করা এবং প্রবাসীদের প্রশিক্ষণ দেওয়া জরুরি। স্বরাষ্ট্র মন্ত্রণালয় জানিয়েছে, এসব ঘটনা তদন্তে একটি বিশেষ কমিটি কাজ করছে।
(প্রথম পৃষ্ঠার পর) বছর ধরেই এমন প্রবণতা চলছে। প্রবাসী বাংলাদেশিরা বিভিন্ন অপরাধে জড়িয়ে পড়ায় দেশের ভাবমূর্তি ক্ষুণ্ণ হচ্ছে। বিশেষজ্ঞরা বলছেন, বৈধ পথে অভিবাসন নিশ্চিত করা এবং প্রবাসীদের প্রশিক্ষণ দেওয়া জরুরি। স্বরাষ্ট্র মন্ত্রণালয় জানিয়েছে, এসব ঘটনা তদন্তে একটি বিশেষ কমিটি কাজ করছে।
সর্বোচ্চ ৭৮০০০
(প্রথম পৃষ্ঠার পর) শিক্ষকরা পাচ্ছেন নতুন বেতন। তার পুরনো বেতন স্কেল অনুযায়ী নতুন স্কেলে সর্বোচ্চ ৭৮০০০ টাকা এবং সর্বনিম্ন ৮২৫০ টাকা নির্ধারণ করা হয়েছে। মন্ত্রিসভার বৈঠকে এ প্রস্তাব অনুমোদন দেওয়া হয়। নতুন বেতন কাঠামো আগামী জুলাই থেকে কার্যকর হবে।
(প্রথম পৃষ্ঠার পর) শিক্ষকরা পাচ্ছেন নতুন বেতন। তার পুরনো বেতন স্কেল অনুযায়ী নতুন স্কেলে সর্বোচ্চ ৭৮০০০ টাকা এবং সর্বনিম্ন ৮২৫০ টাকা নির্ধারণ করা হয়েছে। মন্ত্রিসভার বৈঠকে এ প্রস্তাব অনুমোদন দেওয়া হয়। নতুন বেতন কাঠামো আগামী জুলাই থেকে কার্যকর হবে।
(প্রথম পৃষ্ঠার পর) শিক্ষকরা পাচ্ছেন নতুন বেতন। তার পুরনো বেতন স্কেল অনুযায়ী নতুন স্কেলে সর্বোচ্চ ৭৮০০০ টাকা এবং সর্বনিম্ন ৮২৫০ টাকা নির্ধারণ করা হয়েছে। মন্ত্রিসভার বৈঠকে এ প্রস্তাব অনুমোদন দেওয়া হয়। নতুন বেতন কাঠামো আগামী জুলাই থেকে কার্যকর হবে।
(প্রথম পৃষ্ঠার পর) শিক্ষকরা পাচ্ছেন নতুন বেতন। তার পুরনো বেতন স্কেল অনুযায়ী নতুন স্কেলে সর্বোচ্চ ৭৮০০০ টাকা এবং সর্বনিম্ন ৮২৫০ টাকা নির্ধারণ করা হয়েছে। মন্ত্রিসভার বৈঠকে এ প্রস্তাব অনুমোদন দেওয়া হয়। নতুন বেতন কাঠামো আগামী জুলাই থেকে কার্যকর হবে।
(প্রথম পৃষ্ঠার পর) শিক্ষকরা পাচ্ছেন নতুন বেতন। তার পুরনো বেতন স্কেল অনুযায়ী নতুন স্কেলে সর্বোচ্চ ৭৮০০০ টাকা এবং সর্বনিম্ন ৮২৫০ টাকা নির্ধারণ করা হয়েছে। মন্ত্রিসভার বৈঠকে এ প্রস্তাব অনুমোদন দেওয়া হয়। নতুন বেতন কাঠামো আগামী জুলাই থেকে কার্যকর হবে।
(প্রথম পৃষ্ঠার পর) শিক্ষকরা পাচ্ছেন নতুন বেতন। তার পুরনো বেতন স্কেল অনুযায়ী নতুন স্কেলে সর্বোচ্চ ৭৮০০০ টাকা এবং সর্বনিম্ন ৮২৫০ টাকা নির্ধারণ করা হয়েছে। মন্ত্রিসভার বৈঠকে এ প্রস্তাব অনুমোদন দেওয়া হয়। নতুন বেতন কাঠামো আগামী জুলাই থেকে কার্যকর হবে।
(প্রথম পৃষ্ঠার পর) শিক্ষকরা পাচ্ছেন নতুন বেতন। তার পুরনো বেতন স্কেল অনুযায়ী নতুন স্কেলে সর্বোচ্চ ৭৮০০০ টাকা এবং সর্বনিম্ন ৮২৫০ টাকা নির্ধারণ করা হয়েছে। মন্ত্রিসভার বৈঠকে এ প্রস্তাব অনুমোদন দেওয়া হয়। নতুন বেতন কাঠামো আগামী জুলাই থেকে কার্যকর হবে।
(প্রথম পৃষ্ঠার পর) শিক্ষকরা পাচ্ছেন নতুন বেতন। তার পুরনো বেতন স্কেল অনুযায়ী নতুন স্কেলে সর্বোচ্চ ৭৮০০০ টাকা এবং সর্বনিম্ন ৮২৫০ টাকা নির্ধারণ করা হয়েছে। মন্ত্রিসভার বৈঠকে এ প্রস্তাব অনুমোদন দেওয়া হয়। নতুন বেতন কাঠামো আগামী জুলাই থেকে কার্যকর হবে।
মাসে
১ লক্ষ
টাকা আয় করুন
সাইপ্রাস মালয়েশিয়া
Job/Visit ভিসা
Dr. Jiaur 01911-528682
এডুকেশন হেল্পলাইন লি: ঢাকা, মৌচাক, সিলেট
ডি.কে. আইডিয়াল সৈয়দ আতাহার আলী একাডেমী এন্ড কলেজ
অধ্যক্ষ নিয়োগ বিজ্ঞপ্তি
ডি. কে. আইডিয়াল সৈয়দ আতাহার আলী একাডেমী এন্ড কলেজ
(বিশ্ববিদ্যালয় কলেজ)
ডাকঘর ডাসার, থানা ডাসার, উপজেলা কালকিনি, জেলা মাদারীপুর।
(জাতীয় ও আন্তর্জাতিক খ্যাতিসম্পন্ন বিশিষ্ট শিক্ষানুরাগী ব্যক্তিত্ব আলহাজ্ব সৈয়দ আবুল হোসেন কর্তৃক প্রতিষ্ঠিত) সরকার ও জাতীয় বিশ্ববিদ্যালয়ের বিধি ও বেতনক্রম অনুযায়ী অধ্যক্ষ পদে নিয়োগের জন্য দরখাস্ত আহবান করা যাচ্ছে। আগ্রহী প্রার্থীদের আবেদনপত্র ২৩/০৯/২০১৫ইং তারিখের মধ্যে দরখাস্ত প্রেরণ করতে হবে।
মোঃ কামাল উদ্দিন বিশ্বাস
সভাপতি, কলেজ পরিচালনা পরিষদ ও জেলা প্রশাসক, মাদারীপুর।
